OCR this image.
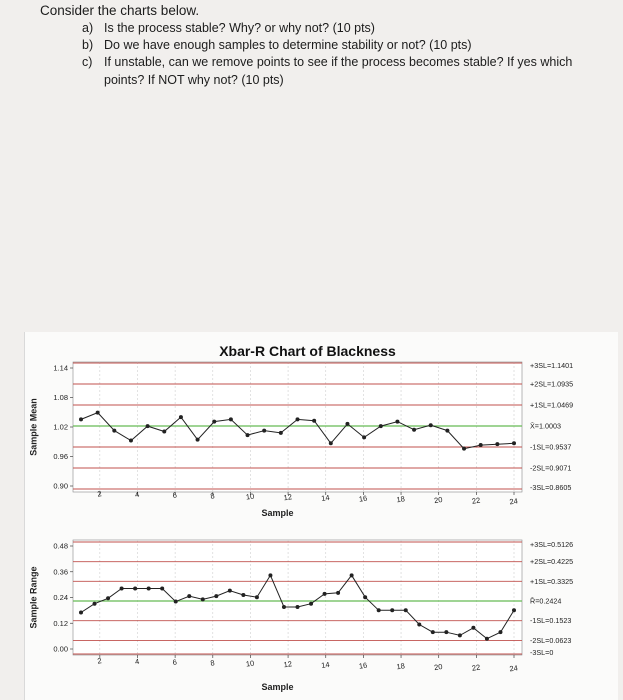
Consider the charts below.
a) Is the process stable? Why? or why not? (10 pts)
b) Do we have enough samples to determine stability or not? (10 pts)
c) If unstable, can we remove points to see if the process becomes stable? If yes which
points? If NOT why not? (10 pts)
0.90
0.96
1.02
1.08
1.14	+3SL=1.1401
+2SL=1.0935
+1SL=1.0469
X̄=1.0003
-1SL=0.9537
-2SL=0.9071
-3SL=0.8605
2	4	6	8	10	12	14	16	18	20	22	24
Sample
Sample Mean
Xbar-R Chart of Blackness
0.00
0.12
0.24
0.36
0.48	+3SL=0.5126
+2SL=0.4225
+1SL=0.3325
R̄=0.2424
-1SL=0.1523
-2SL=0.0623
-3SL=0
2	4	6	8	10	12	14	16	18	20	22	24
Sample
Sample Range
